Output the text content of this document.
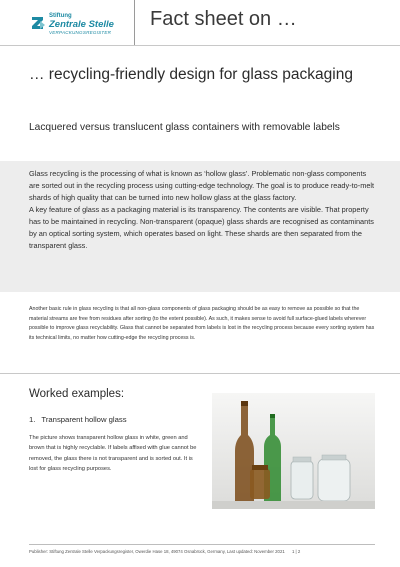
Stiftung
Zentrale Stelle
VERPACKUNGSREGISTER
Fact sheet on …
… recycling-friendly design for glass packaging
Lacquered versus translucent glass containers with removable labels

Glass recycling is the processing of what is known as ‘hollow glass’. Problematic non-glass components are sorted out in the recycling process using cutting-edge technology. The goal is to produce ready-to-melt shards of high quality that can be turned into new hollow glass at the glass factory.

A key feature of glass as a packaging material is its transparency. The contents are visible. That property has to be maintained in recycling. Non-transparent (opaque) glass shards are recognised as contaminants by an optical sorting system, which operates based on light. These shards are then separated from the transparent glass.

Another basic rule in glass recycling is that all non-glass components of glass packaging should be as easy to remove as possible so that the material streams are free from residues after sorting (to the extent possible). As such, it makes sense to avoid full surface-glued labels wherever possible to improve glass recyclability. Glass that cannot be separated from labels is lost in the recycling process because every sorting system has its technical limits, no matter how cutting-edge the recycling process is.
Worked examples:
1. Transparent hollow glass
The picture shows transparent hollow glass in white, green and brown that is highly recyclable. If labels affixed with glue cannot be removed, the glass there is not transparent and is sorted out. It is lost for glass recycling purposes.
Publisher: Stiftung Zentrale Stelle Verpackungsregister, Owerdie Hase 18, 49074 Osnabrück, Germany, Last updated: November 2021 1 | 2
